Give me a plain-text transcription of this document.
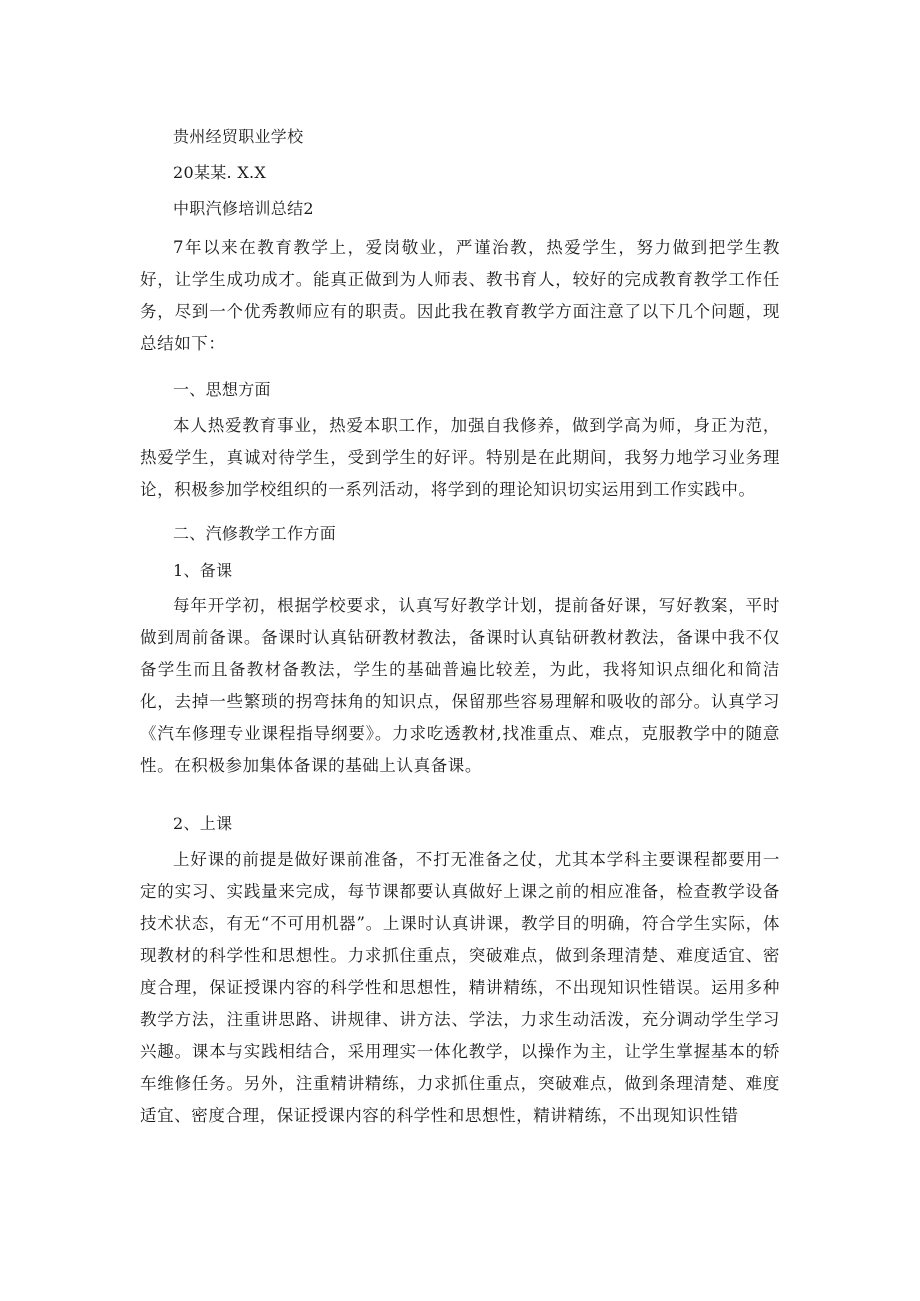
贵州经贸职业学校
20某某. X.X
中职汽修培训总结2
7年以来在教育教学上，爱岗敬业，严谨治教，热爱学生，努力做到把学生教好，让学生成功成才。能真正做到为人师表、教书育人，较好的完成教育教学工作任务，尽到一个优秀教师应有的职责。因此我在教育教学方面注意了以下几个问题，现总结如下：
一、思想方面
本人热爱教育事业，热爱本职工作，加强自我修养，做到学高为师，身正为范，热爱学生，真诚对待学生，受到学生的好评。特别是在此期间，我努力地学习业务理论，积极参加学校组织的一系列活动，将学到的理论知识切实运用到工作实践中。
二、汽修教学工作方面
1、备课
每年开学初，根据学校要求，认真写好教学计划，提前备好课，写好教案，平时做到周前备课。备课时认真钻研教材教法，备课时认真钻研教材教法，备课中我不仅备学生而且备教材备教法，学生的基础普遍比较差，为此，我将知识点细化和简洁化，去掉一些繁琐的拐弯抹角的知识点，保留那些容易理解和吸收的部分。认真学习《汽车修理专业课程指导纲要》。力求吃透教材,找准重点、难点，克服教学中的随意性。在积极参加集体备课的基础上认真备课。
2、上课
上好课的前提是做好课前准备，不打无准备之仗，尤其本学科主要课程都要用一定的实习、实践量来完成，每节课都要认真做好上课之前的相应准备，检查教学设备技术状态，有无“不可用机器”。上课时认真讲课，教学目的明确，符合学生实际，体现教材的科学性和思想性。力求抓住重点，突破难点，做到条理清楚、难度适宜、密度合理，保证授课内容的科学性和思想性，精讲精练，不出现知识性错误。运用多种教学方法，注重讲思路、讲规律、讲方法、学法，力求生动活泼，充分调动学生学习兴趣。课本与实践相结合，采用理实一体化教学，以操作为主，让学生掌握基本的轿车维修任务。另外，注重精讲精练，力求抓住重点，突破难点，做到条理清楚、难度适宜、密度合理，保证授课内容的科学性和思想性，精讲精练，不出现知识性错
